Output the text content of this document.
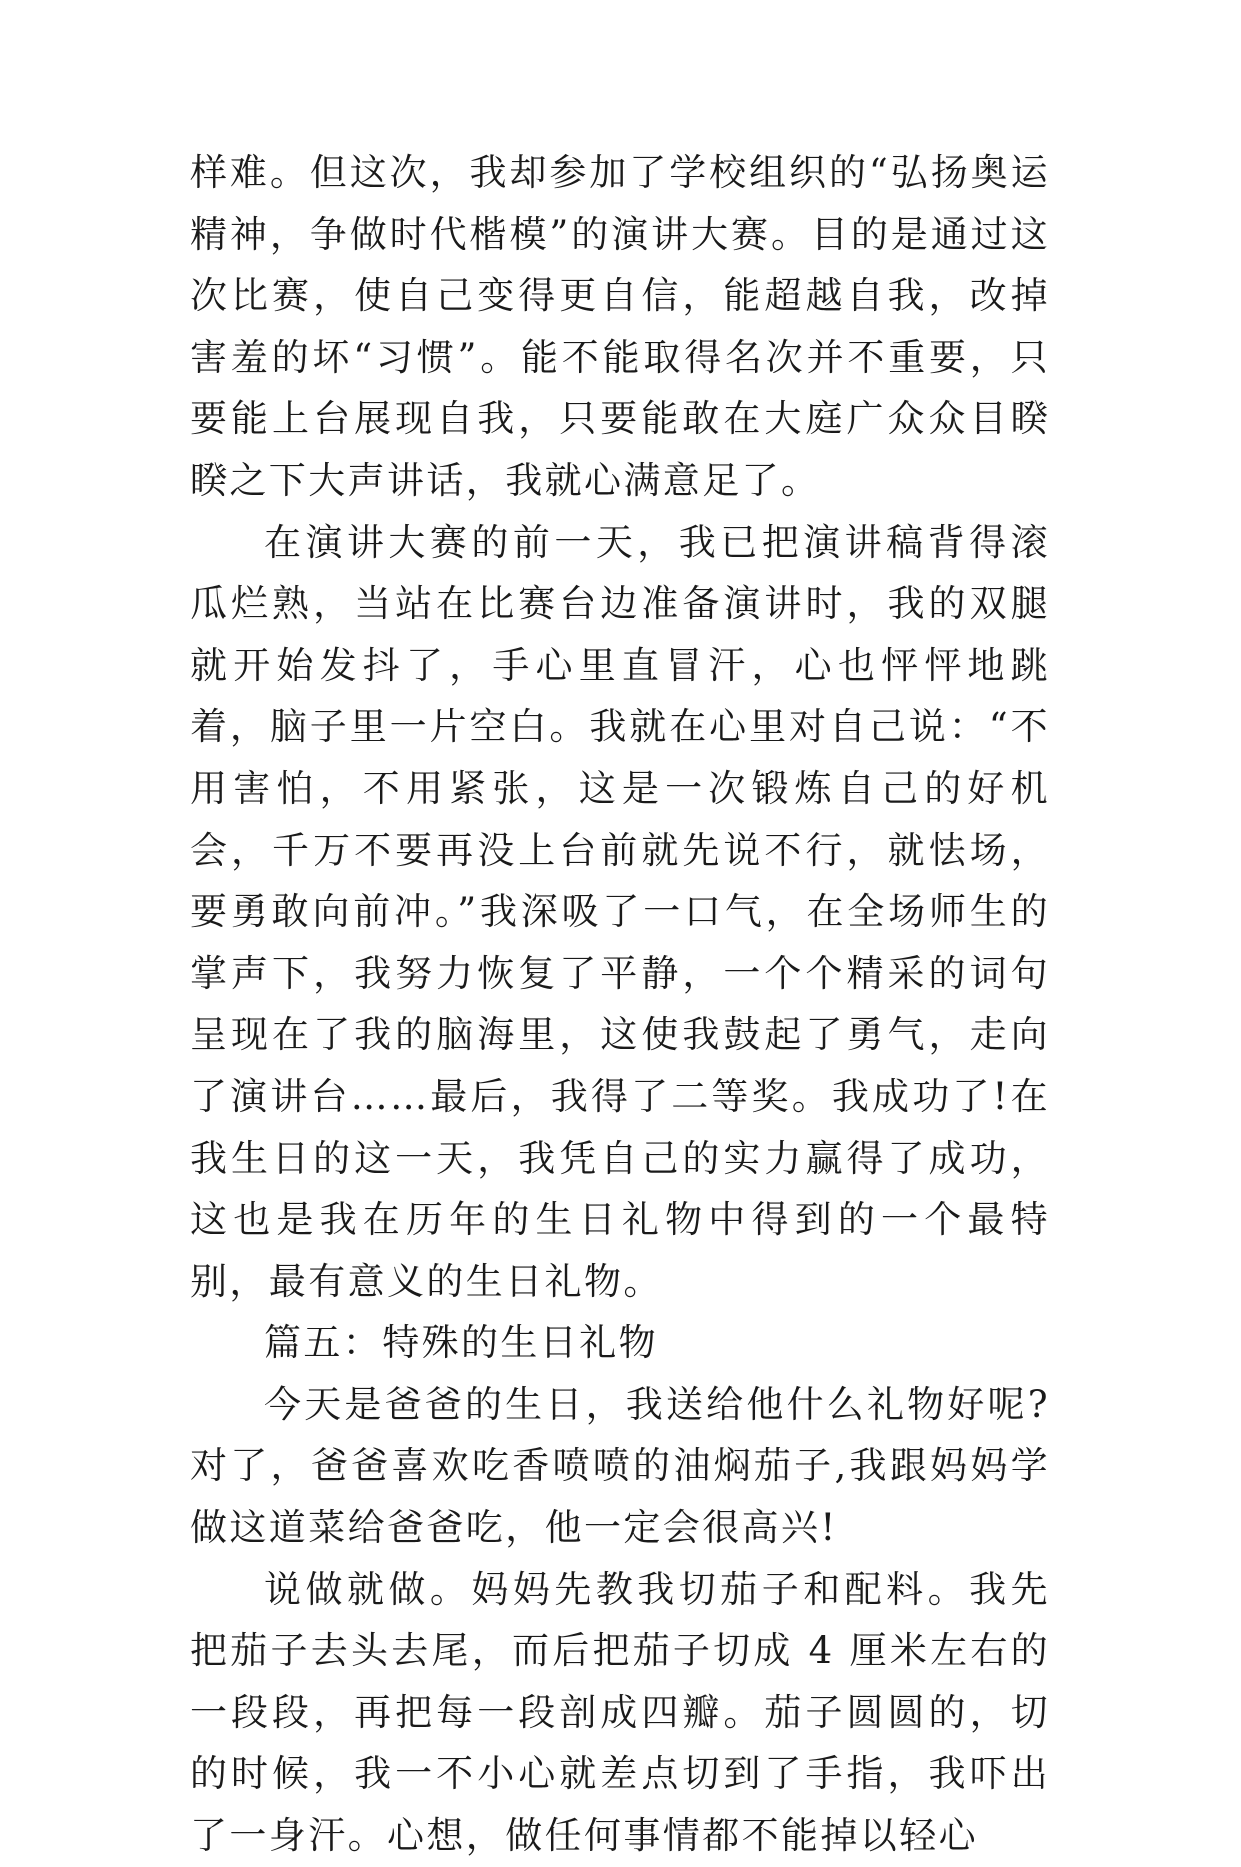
样难。但这次，我却参加了学校组织的“弘扬奥运精神，争做时代楷模”的演讲大赛。目的是通过这次比赛，使自己变得更自信，能超越自我，改掉害羞的坏“习惯”。能不能取得名次并不重要，只要能上台展现自我，只要能敢在大庭广众众目睽睽之下大声讲话，我就心满意足了。

在演讲大赛的前一天，我已把演讲稿背得滚瓜烂熟，当站在比赛台边准备演讲时，我的双腿就开始发抖了，手心里直冒汗，心也怦怦地跳着，脑子里一片空白。我就在心里对自己说：“不用害怕，不用紧张，这是一次锻炼自己的好机会，千万不要再没上台前就先说不行，就怯场，要勇敢向前冲。”我深吸了一口气，在全场师生的掌声下，我努力恢复了平静，一个个精采的词句呈现在了我的脑海里，这使我鼓起了勇气，走向了演讲台……最后，我得了二等奖。我成功了!在我生日的这一天，我凭自己的实力赢得了成功，这也是我在历年的生日礼物中得到的一个最特别，最有意义的生日礼物。

篇五：特殊的生日礼物

今天是爸爸的生日，我送给他什么礼物好呢?对了，爸爸喜欢吃香喷喷的油焖茄子,我跟妈妈学做这道菜给爸爸吃，他一定会很高兴!

说做就做。妈妈先教我切茄子和配料。我先把茄子去头去尾，而后把茄子切成 4 厘米左右的一段段，再把每一段剖成四瓣。茄子圆圆的，切的时候，我一不小心就差点切到了手指，我吓出了一身汗。心想，做任何事情都不能掉以轻心
